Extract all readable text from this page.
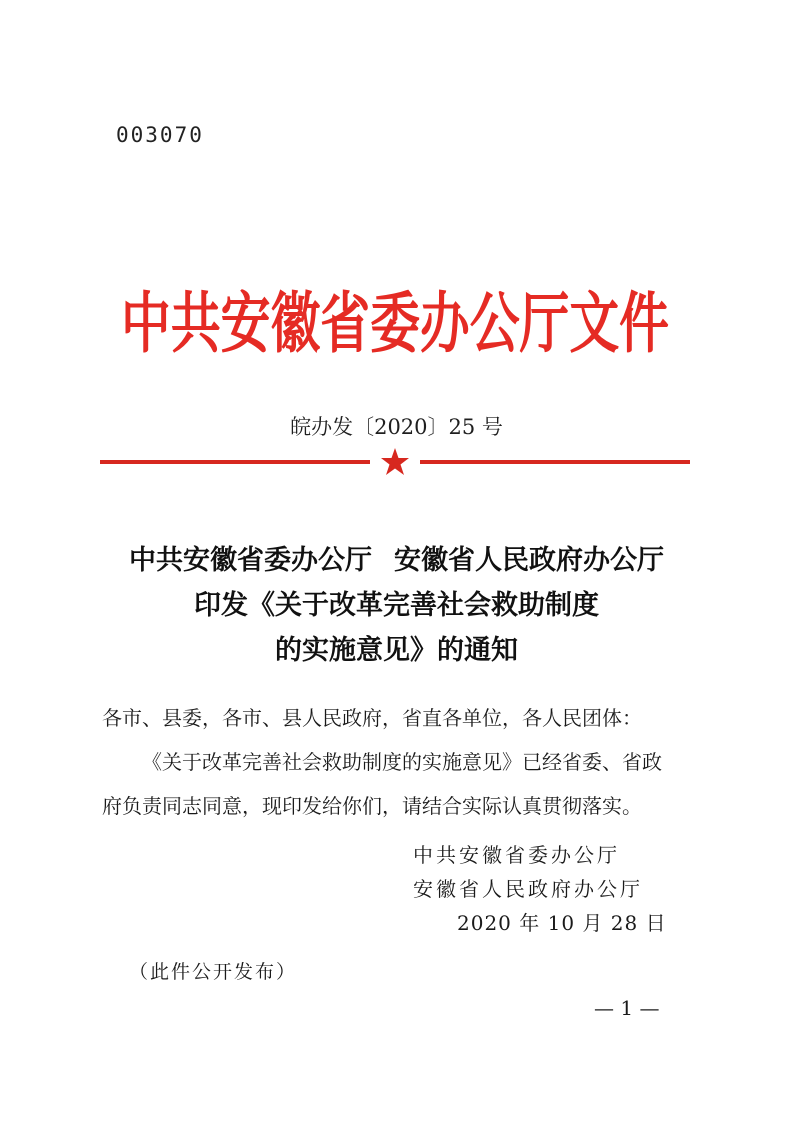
003070
中共安徽省委办公厅文件
皖办发〔2020〕25 号
中共安徽省委办公厅 安徽省人民政府办公厅
印发《关于改革完善社会救助制度
的实施意见》的通知

各市、县委，各市、县人民政府，省直各单位，各人民团体：

《关于改革完善社会救助制度的实施意见》已经省委、省政

府负责同志同意，现印发给你们，请结合实际认真贯彻落实。

中共安徽省委办公厅
安徽省人民政府办公厅
2020 年 10 月 28 日
（此件公开发布）
— 1 —
